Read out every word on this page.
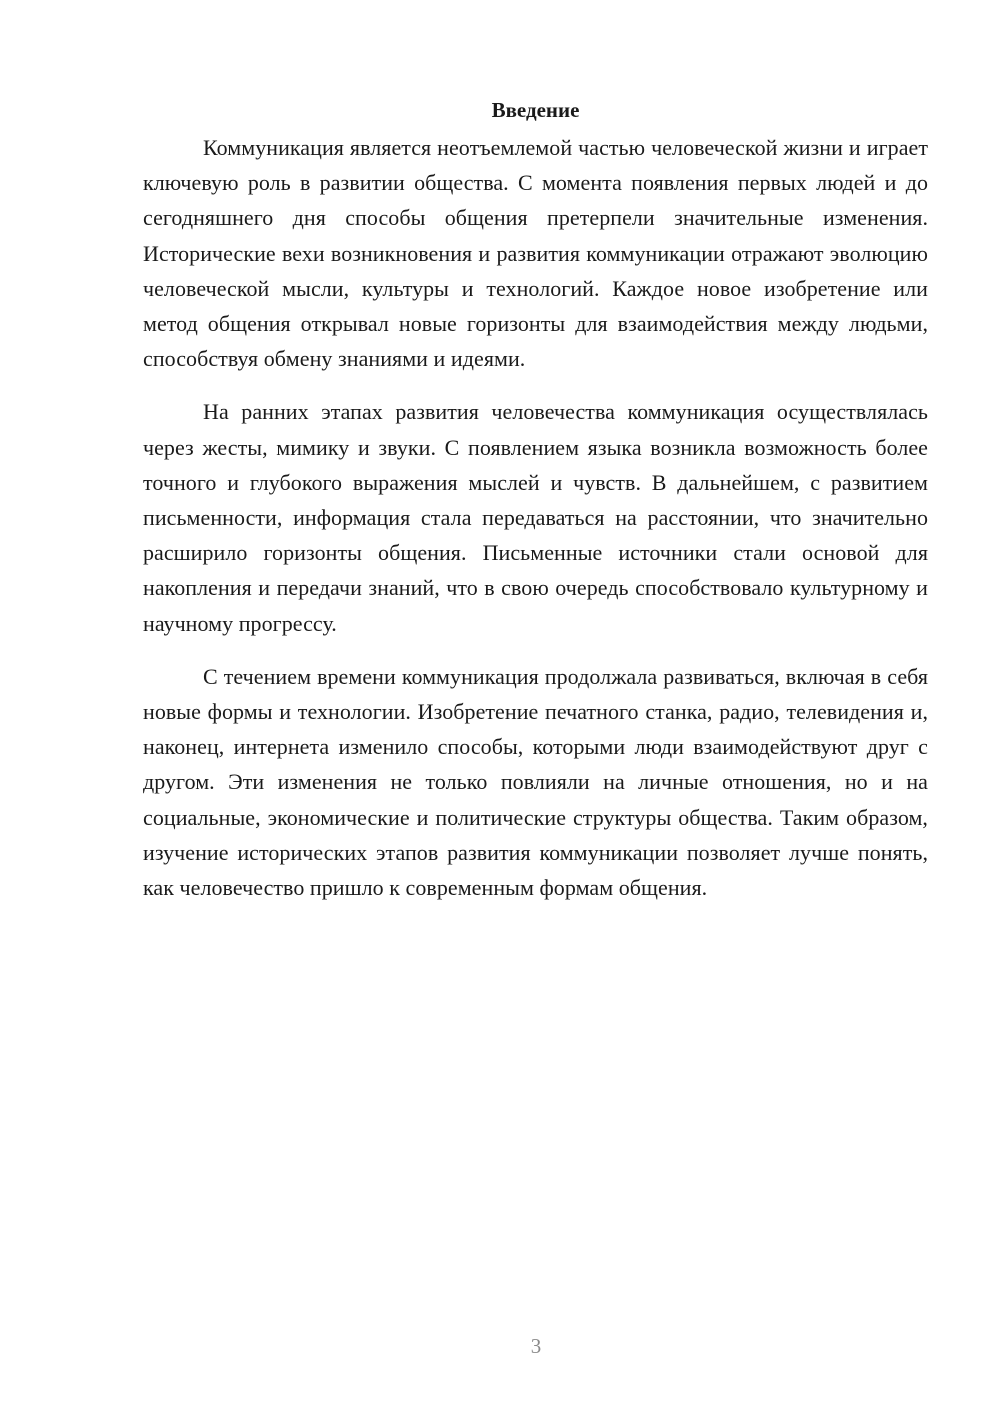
Введение

Коммуникация является неотъемлемой частью человеческой жизни и играет ключевую роль в развитии общества. С момента появления первых людей и до сегодняшнего дня способы общения претерпели значительные изменения. Исторические вехи возникновения и развития коммуникации отражают эволюцию человеческой мысли, культуры и технологий. Каждое новое изобретение или метод общения открывал новые горизонты для взаимодействия между людьми, способствуя обмену знаниями и идеями.

На ранних этапах развития человечества коммуникация осуществлялась через жесты, мимику и звуки. С появлением языка возникла возможность более точного и глубокого выражения мыслей и чувств. В дальнейшем, с развитием письменности, информация стала передаваться на расстоянии, что значительно расширило горизонты общения. Письменные источники стали основой для накопления и передачи знаний, что в свою очередь способствовало культурному и научному прогрессу.

С течением времени коммуникация продолжала развиваться, включая в себя новые формы и технологии. Изобретение печатного станка, радио, телевидения и, наконец, интернета изменило способы, которыми люди взаимодействуют друг с другом. Эти изменения не только повлияли на личные отношения, но и на социальные, экономические и политические структуры общества. Таким образом, изучение исторических этапов развития коммуникации позволяет лучше понять, как человечество пришло к современным формам общения.

3
